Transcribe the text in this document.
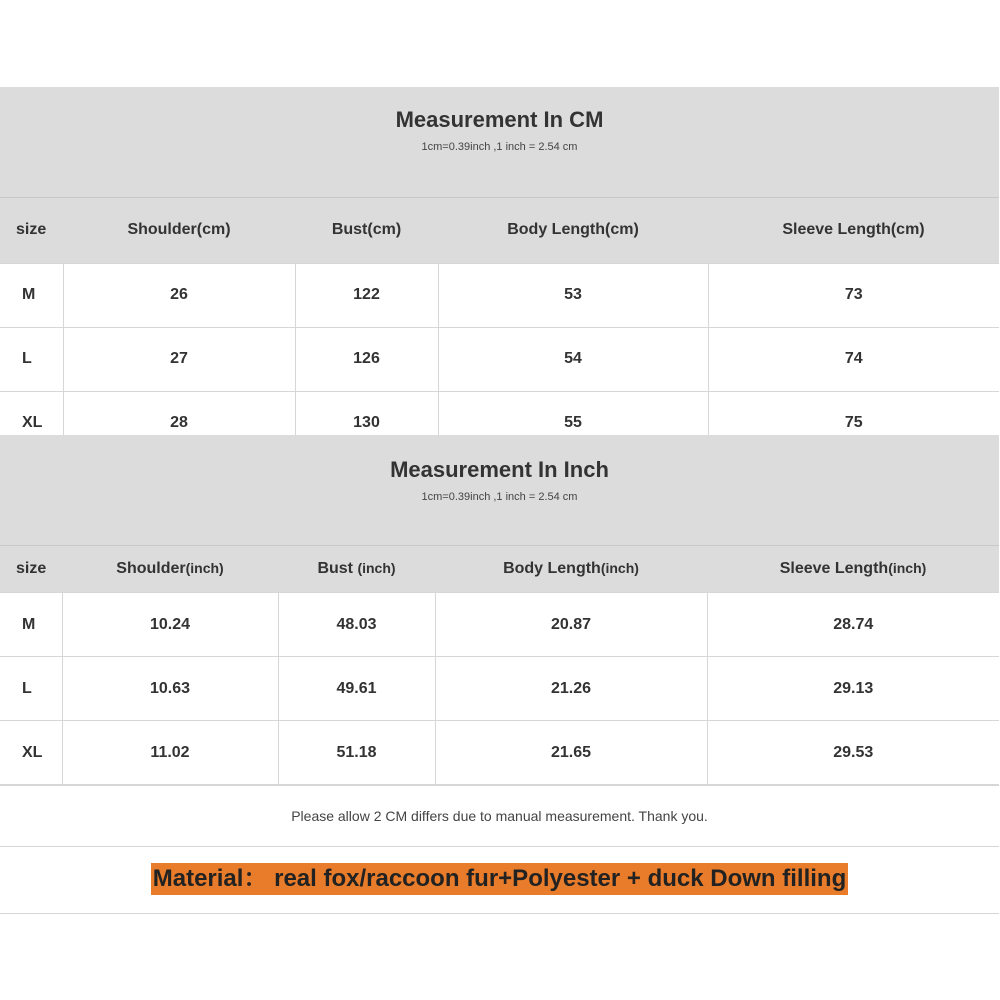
Measurement In CM
1cm=0.39inch ,1 inch = 2.54 cm
size	Shoulder(cm)	Bust(cm)	Body Length(cm)	Sleeve Length(cm)
M	26	122	53	73
L	27	126	54	74
XL	28	130	55	75
Measurement In Inch
1cm=0.39inch ,1 inch = 2.54 cm
size	Shoulder(inch)	Bust (inch)	Body Length(inch)	Sleeve Length(inch)
M	10.24	48.03	20.87	28.74
L	10.63	49.61	21.26	29.13
XL	11.02	51.18	21.65	29.53
Please allow 2 CM differs due to manual measurement. Thank you.
Material： real fox/raccoon fur+Polyester + duck Down filling
